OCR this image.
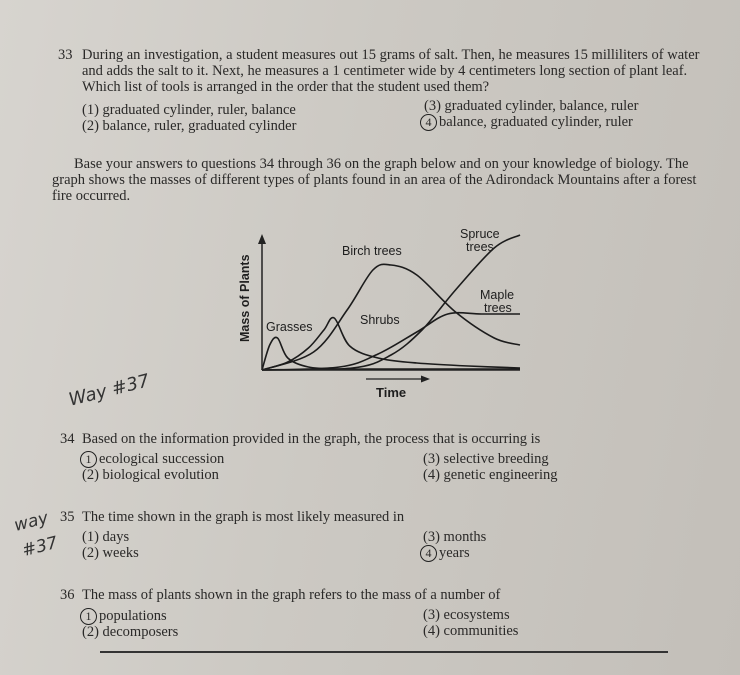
33 During an investigation, a student measures out 15 grams of salt. Then, he measures 15 milliliters of water
and adds the salt to it. Next, he measures a 1 centimeter wide by 4 centimeters long section of plant leaf.
Which list of tools is arranged in the order that the student used them?
(1) graduated cylinder, ruler, balance
(2) balance, ruler, graduated cylinder
(3) graduated cylinder, balance, ruler
4 balance, graduated cylinder, ruler
Base your answers to questions 34 through 36 on the graph below and on your knowledge of biology. The
graph shows the masses of different types of plants found in an area of the Adirondack Mountains after a forest
fire occurred.
Time
Mass of Plants Grasses	Shrubs
Birch trees
Spruce
trees
Maple
trees
Way #37
way
#37
34 Based on the information provided in the graph, the process that is occurring is
1 ecological succession
(2) biological evolution
(3) selective breeding
(4) genetic engineering
35 The time shown in the graph is most likely measured in
(1) days
(2) weeks
(3) months
4 years
36 The mass of plants shown in the graph refers to the mass of a number of
1 populations
(2) decomposers
(3) ecosystems
(4) communities
